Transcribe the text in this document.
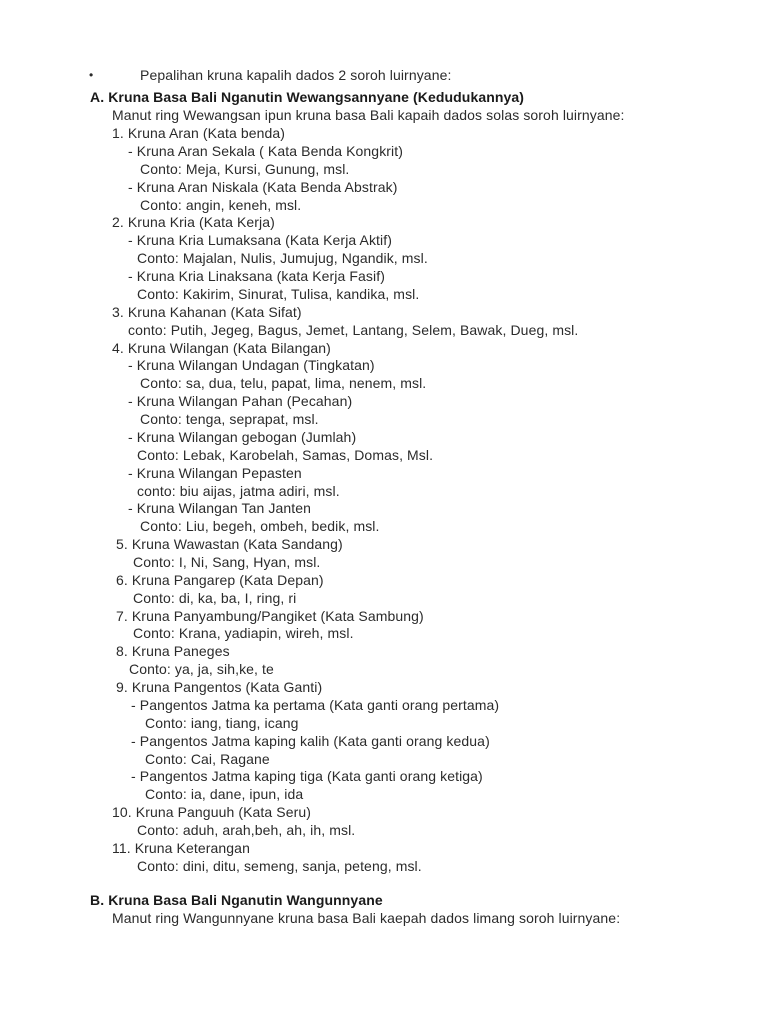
•	Pepalihan kruna kapalih dados 2 soroh luirnyane:
A. Kruna Basa Bali Nganutin Wewangsannyane (Kedudukannya)
Manut ring Wewangsan ipun kruna basa Bali kapaih dados solas soroh luirnyane:
1. Kruna Aran (Kata benda)
- Kruna Aran Sekala ( Kata Benda Kongkrit)
Conto: Meja, Kursi, Gunung, msl.
- Kruna Aran Niskala (Kata Benda Abstrak)
Conto: angin, keneh, msl.
2. Kruna Kria (Kata Kerja)
- Kruna Kria Lumaksana (Kata Kerja Aktif)
Conto: Majalan, Nulis, Jumujug, Ngandik, msl.
- Kruna Kria Linaksana (kata Kerja Fasif)
Conto: Kakirim, Sinurat, Tulisa, kandika, msl.
3. Kruna Kahanan (Kata Sifat)
conto: Putih, Jegeg, Bagus, Jemet, Lantang, Selem, Bawak, Dueg, msl.
4. Kruna Wilangan (Kata Bilangan)
- Kruna Wilangan Undagan (Tingkatan)
Conto: sa, dua, telu, papat, lima, nenem, msl.
- Kruna Wilangan Pahan (Pecahan)
Conto: tenga, seprapat, msl.
- Kruna Wilangan gebogan (Jumlah)
Conto: Lebak, Karobelah, Samas, Domas, Msl.
- Kruna Wilangan Pepasten
conto: biu aijas, jatma adiri, msl.
- Kruna Wilangan Tan Janten
Conto: Liu, begeh, ombeh, bedik, msl.
5. Kruna Wawastan (Kata Sandang)
Conto: I, Ni, Sang, Hyan, msl.
6. Kruna Pangarep (Kata Depan)
Conto: di, ka, ba, I, ring, ri
7. Kruna Panyambung/Pangiket (Kata Sambung)
Conto: Krana, yadiapin, wireh, msl.
8. Kruna Paneges
Conto: ya, ja, sih,ke, te
9. Kruna Pangentos (Kata Ganti)
- Pangentos Jatma ka pertama (Kata ganti orang pertama)
Conto: iang, tiang, icang
- Pangentos Jatma kaping kalih (Kata ganti orang kedua)
Conto: Cai, Ragane
- Pangentos Jatma kaping tiga (Kata ganti orang ketiga)
Conto: ia, dane, ipun, ida
10. Kruna Panguuh (Kata Seru)
Conto: aduh, arah,beh, ah, ih, msl.
11. Kruna Keterangan
Conto: dini, ditu, semeng, sanja, peteng, msl.
B. Kruna Basa Bali Nganutin Wangunnyane
Manut ring Wangunnyane kruna basa Bali kaepah dados limang soroh luirnyane:
